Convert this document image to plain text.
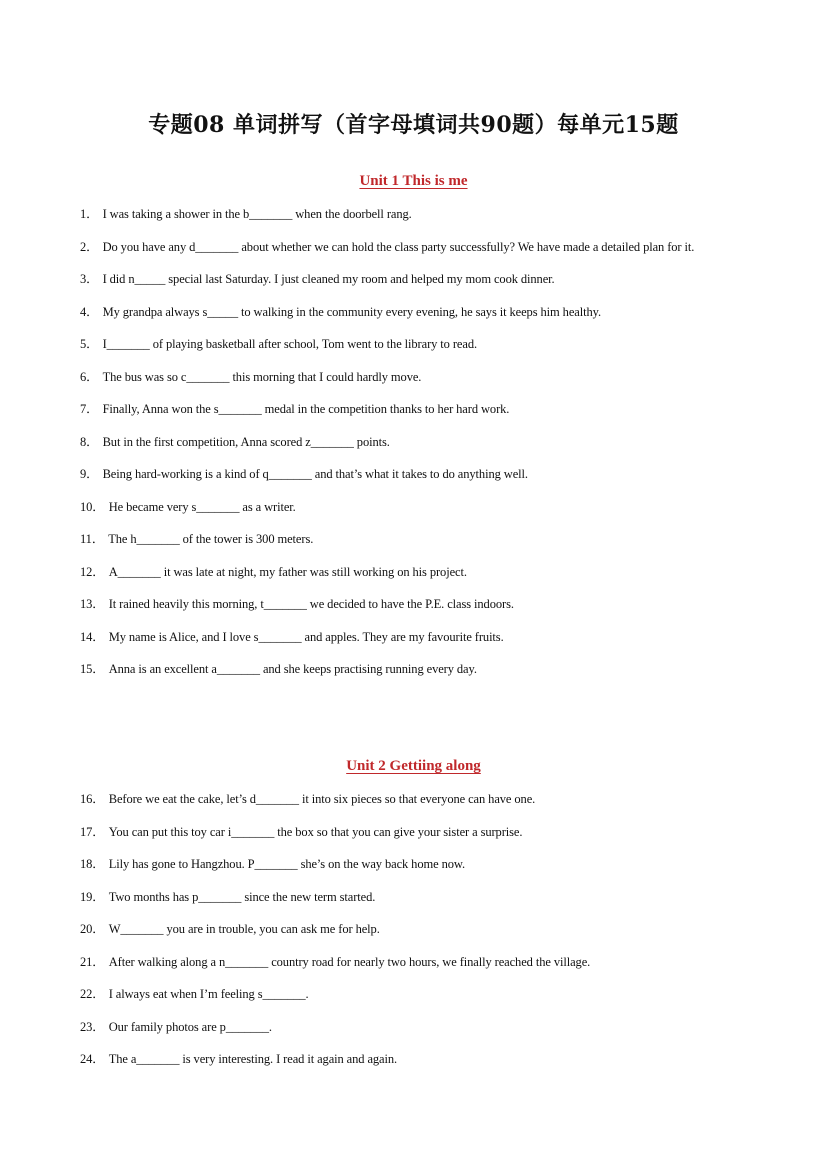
专题08 单词拼写（首字母填词共90题）每单元15题
Unit 1 This is me
1． I was taking a shower in the b_______ when the doorbell rang.
2． Do you have any d_______ about whether we can hold the class party successfully? We have made a detailed plan for it.
3． I did n_____ special last Saturday. I just cleaned my room and helped my mom cook dinner.
4． My grandpa always s_____ to walking in the community every evening, he says it keeps him healthy.
5． I_______ of playing basketball after school, Tom went to the library to read.
6． The bus was so c_______ this morning that I could hardly move.
7． Finally, Anna won the s_______ medal in the competition thanks to her hard work.
8． But in the first competition, Anna scored z_______ points.
9． Being hard-working is a kind of q_______ and that’s what it takes to do anything well.
10． He became very s_______ as a writer.
11． The h_______ of the tower is 300 meters.
12． A_______ it was late at night, my father was still working on his project.
13． It rained heavily this morning, t_______ we decided to have the P.E. class indoors.
14． My name is Alice, and I love s_______ and apples. They are my favourite fruits.
15． Anna is an excellent a_______ and she keeps practising running every day.
Unit 2 Gettiing along
16． Before we eat the cake, let’s d_______ it into six pieces so that everyone can have one.
17． You can put this toy car i_______ the box so that you can give your sister a surprise.
18． Lily has gone to Hangzhou. P_______ she’s on the way back home now.
19． Two months has p_______ since the new term started.
20． W_______ you are in trouble, you can ask me for help.
21． After walking along a n_______ country road for nearly two hours, we finally reached the village.
22． I always eat when I’m feeling s_______.
23． Our family photos are p_______.
24． The a_______ is very interesting. I read it again and again.
